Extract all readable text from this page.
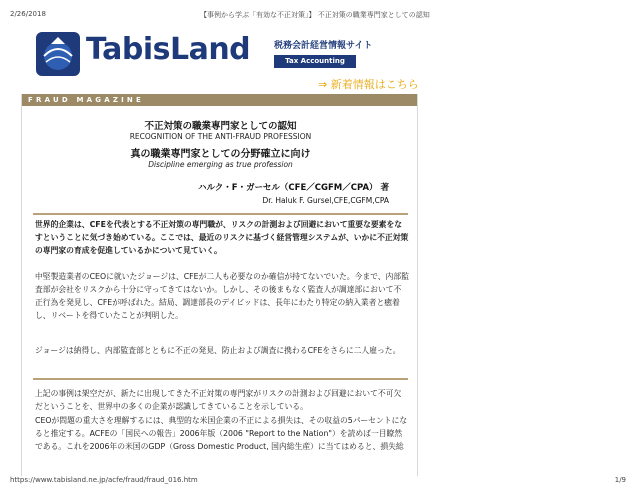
2/26/2018	【事例から学ぶ「有効な不正対策」】 不正対策の職業専門家としての認知
TabisLand	税務会計経営情報サイト
Tax Accounting Business
⇒ 新着情報はこちら
FRAUD MAGAZINE
不正対策の職業専門家としての認知
RECOGNITION OF THE ANTI-FRAUD PROFESSION
真の職業専門家としての分野確立に向け
Discipline emerging as true profession
ハルク・F・ガーセル（CFE／CGFM／CPA） 著
Dr. Haluk F. Gursel,CFE,CGFM,CPA

世界的企業は、CFEを代表とする不正対策の専門職が、リスクの計測および回避において重要な要素をなすということに気づき始めている。ここでは、最近のリスクに基づく経営管理システムが、いかに不正対策の専門家の育成を促進しているかについて見ていく。

中堅製造業者のCEOに就いたジョージは、CFEが二人も必要なのか確信が持てないでいた。今まで、内部監査部が会社をリスクから十分に守ってきてはないか。しかし、その後まもなく監査人が調達部において不正行為を発見し、CFEが呼ばれた。結局、調達部長のデイビッドは、長年にわたり特定の納入業者と癒着し、リベートを得ていたことが判明した。

ジョージは納得し、内部監査部とともに不正の発見、防止および調査に携わるCFEをさらに二人雇った。

上記の事例は架空だが、新たに出現してきた不正対策の専門家がリスクの計測および回避において不可欠だということを、世界中の多くの企業が認識してきていることを示している。

CEOが問題の重大さを理解するには、典型的な米国企業の不正による損失は、その収益の5パーセントになると推定する。ACFEの「国民への報告」2006年版（2006 "Report to the Nation"）を読めば一目瞭然である。これを2006年の米国のGDP（Gross Domestic Product, 国内総生産）に当てはめると、損失総

https://www.tabisland.ne.jp/acfe/fraud/fraud_016.htm	1/9
